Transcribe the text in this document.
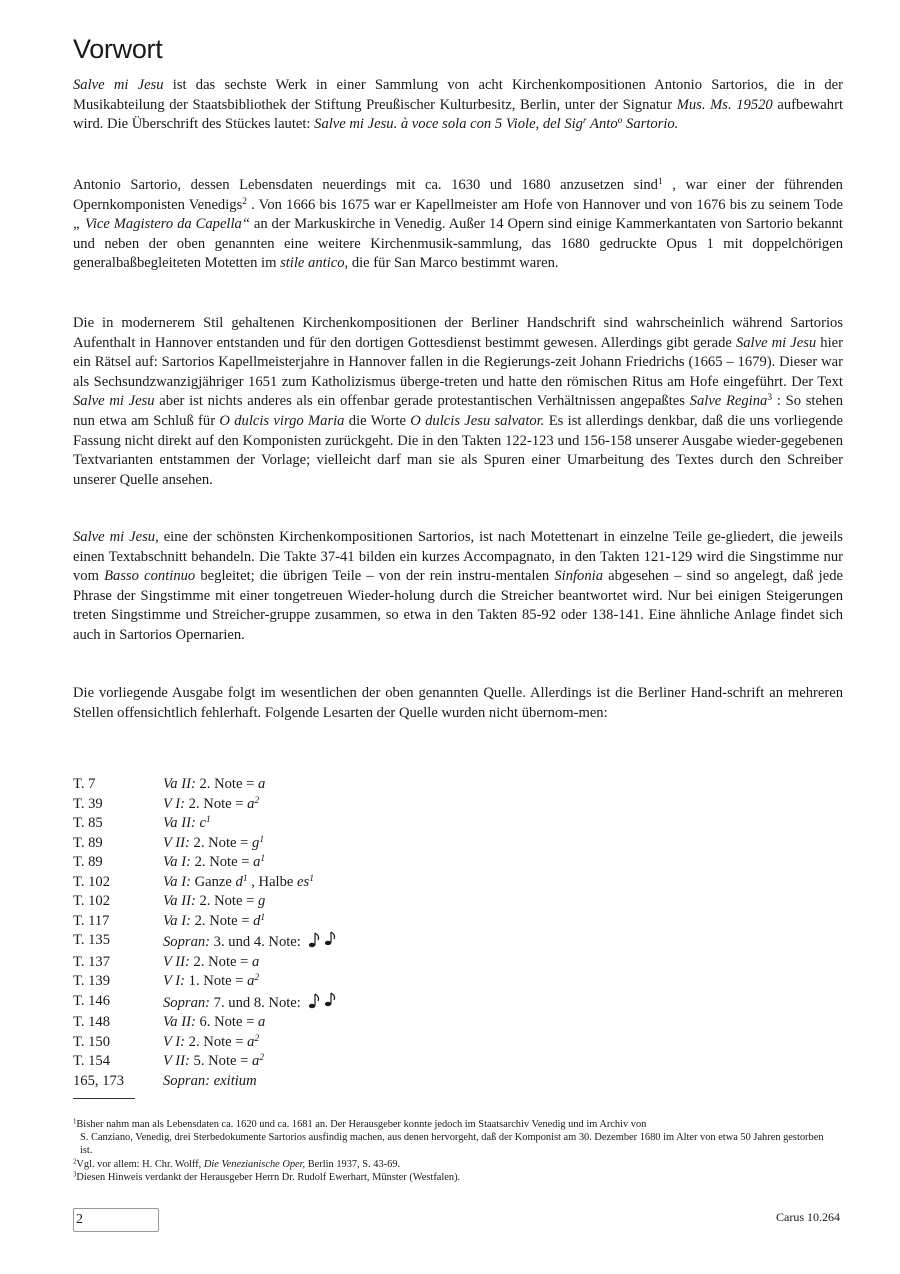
Vorwort

Salve mi Jesu ist das sechste Werk in einer Sammlung von acht Kirchenkompositionen Antonio Sartorios, die in der Musikabteilung der Staatsbibliothek der Stiftung Preußischer Kulturbesitz, Berlin, unter der Signatur Mus. Ms. 19520 aufbewahrt wird. Die Überschrift des Stückes lautet: Salve mi Jesu. à voce sola con 5 Viole, del Sig$^r$ Anto$^o$ Sartorio.

Antonio Sartorio, dessen Lebensdaten neuerdings mit ca. 1630 und 1680 anzusetzen sind$^1$ , war einer der führenden Opernkomponisten Venedigs$^2$ . Von 1666 bis 1675 war er Kapellmeister am Hofe von Hannover und von 1676 bis zu seinem Tode „ Vice Magistero da Capella“ an der Markuskirche in Venedig. Außer 14 Opern sind einige Kammerkantaten von Sartorio bekannt und neben der oben genannten eine weitere Kirchenmusik-sammlung, das 1680 gedruckte Opus 1 mit doppelchörigen generalbaßbegleiteten Motetten im stile antico, die für San Marco bestimmt waren.

Die in modernerem Stil gehaltenen Kirchenkompositionen der Berliner Handschrift sind wahrscheinlich während Sartorios Aufenthalt in Hannover entstanden und für den dortigen Gottesdienst bestimmt gewesen. Allerdings gibt gerade Salve mi Jesu hier ein Rätsel auf: Sartorios Kapellmeisterjahre in Hannover fallen in die Regierungs-zeit Johann Friedrichs (1665 – 1679). Dieser war als Sechsundzwanzigjähriger 1651 zum Katholizismus überge-treten und hatte den römischen Ritus am Hofe eingeführt. Der Text Salve mi Jesu aber ist nichts anderes als ein offenbar gerade protestantischen Verhältnissen angepaßtes Salve Regina$^3$ : So stehen nun etwa am Schluß für O dulcis virgo Maria die Worte O dulcis Jesu salvator. Es ist allerdings denkbar, daß die uns vorliegende Fassung nicht direkt auf den Komponisten zurückgeht. Die in den Takten 122-123 und 156-158 unserer Ausgabe wieder-gegebenen Textvarianten entstammen der Vorlage; vielleicht darf man sie als Spuren einer Umarbeitung des Textes durch den Schreiber unserer Quelle ansehen.

Salve mi Jesu, eine der schönsten Kirchenkompositionen Sartorios, ist nach Motettenart in einzelne Teile ge-gliedert, die jeweils einen Textabschnitt behandeln. Die Takte 37-41 bilden ein kurzes Accompagnato, in den Takten 121-129 wird die Singstimme nur vom Basso continuo begleitet; die übrigen Teile – von der rein instru-mentalen Sinfonia abgesehen – sind so angelegt, daß jede Phrase der Singstimme mit einer tongetreuen Wieder-holung durch die Streicher beantwortet wird. Nur bei einigen Steigerungen treten Singstimme und Streicher-gruppe zusammen, so etwa in den Takten 85-92 oder 138-141. Eine ähnliche Anlage findet sich auch in Sartorios Opernarien.

Die vorliegende Ausgabe folgt im wesentlichen der oben genannten Quelle. Allerdings ist die Berliner Hand-schrift an mehreren Stellen offensichtlich fehlerhaft. Folgende Lesarten der Quelle wurden nicht übernom-men:

T. 7	Va II: 2. Note = a
T. 39	V I: 2. Note = $a^2$
T. 85	Va II: $c^1$
T. 89	V II: 2. Note = $g^1$
T. 89	Va I: 2. Note = $a^1$
T. 102	Va I: Ganze $d^1$ , Halbe $es^1$
T. 102	Va II: 2. Note = g
T. 117	Va I: 2. Note = $d^1$
T. 135	Sopran: 3. und 4. Note:
T. 137	V II: 2. Note = a
T. 139	V I: 1. Note = $a^2$
T. 146	Sopran: 7. und 8. Note:
T. 148	Va II: 6. Note = a
T. 150	V I: 2. Note = $a^2$
T. 154	V II: 5. Note = $a^2$
165, 173	Sopran: exitium

$^1$Bisher nahm man als Lebensdaten ca. 1620 und ca. 1681 an. Der Herausgeber konnte jedoch im Staatsarchiv Venedig und im Archiv von
S. Canziano, Venedig, drei Sterbedokumente Sartorios ausfindig machen, aus denen hervorgeht, daß der Komponist am 30. Dezember 1680 im Alter von etwa 50 Jahren gestorben ist.

$^2$Vgl. vor allem: H. Chr. Wolff, Die Venezianische Oper, Berlin 1937, S. 43-69.

$^3$Diesen Hinweis verdankt der Herausgeber Herrn Dr. Rudolf Ewerhart, Münster (Westfalen).

2	Carus 10.264
